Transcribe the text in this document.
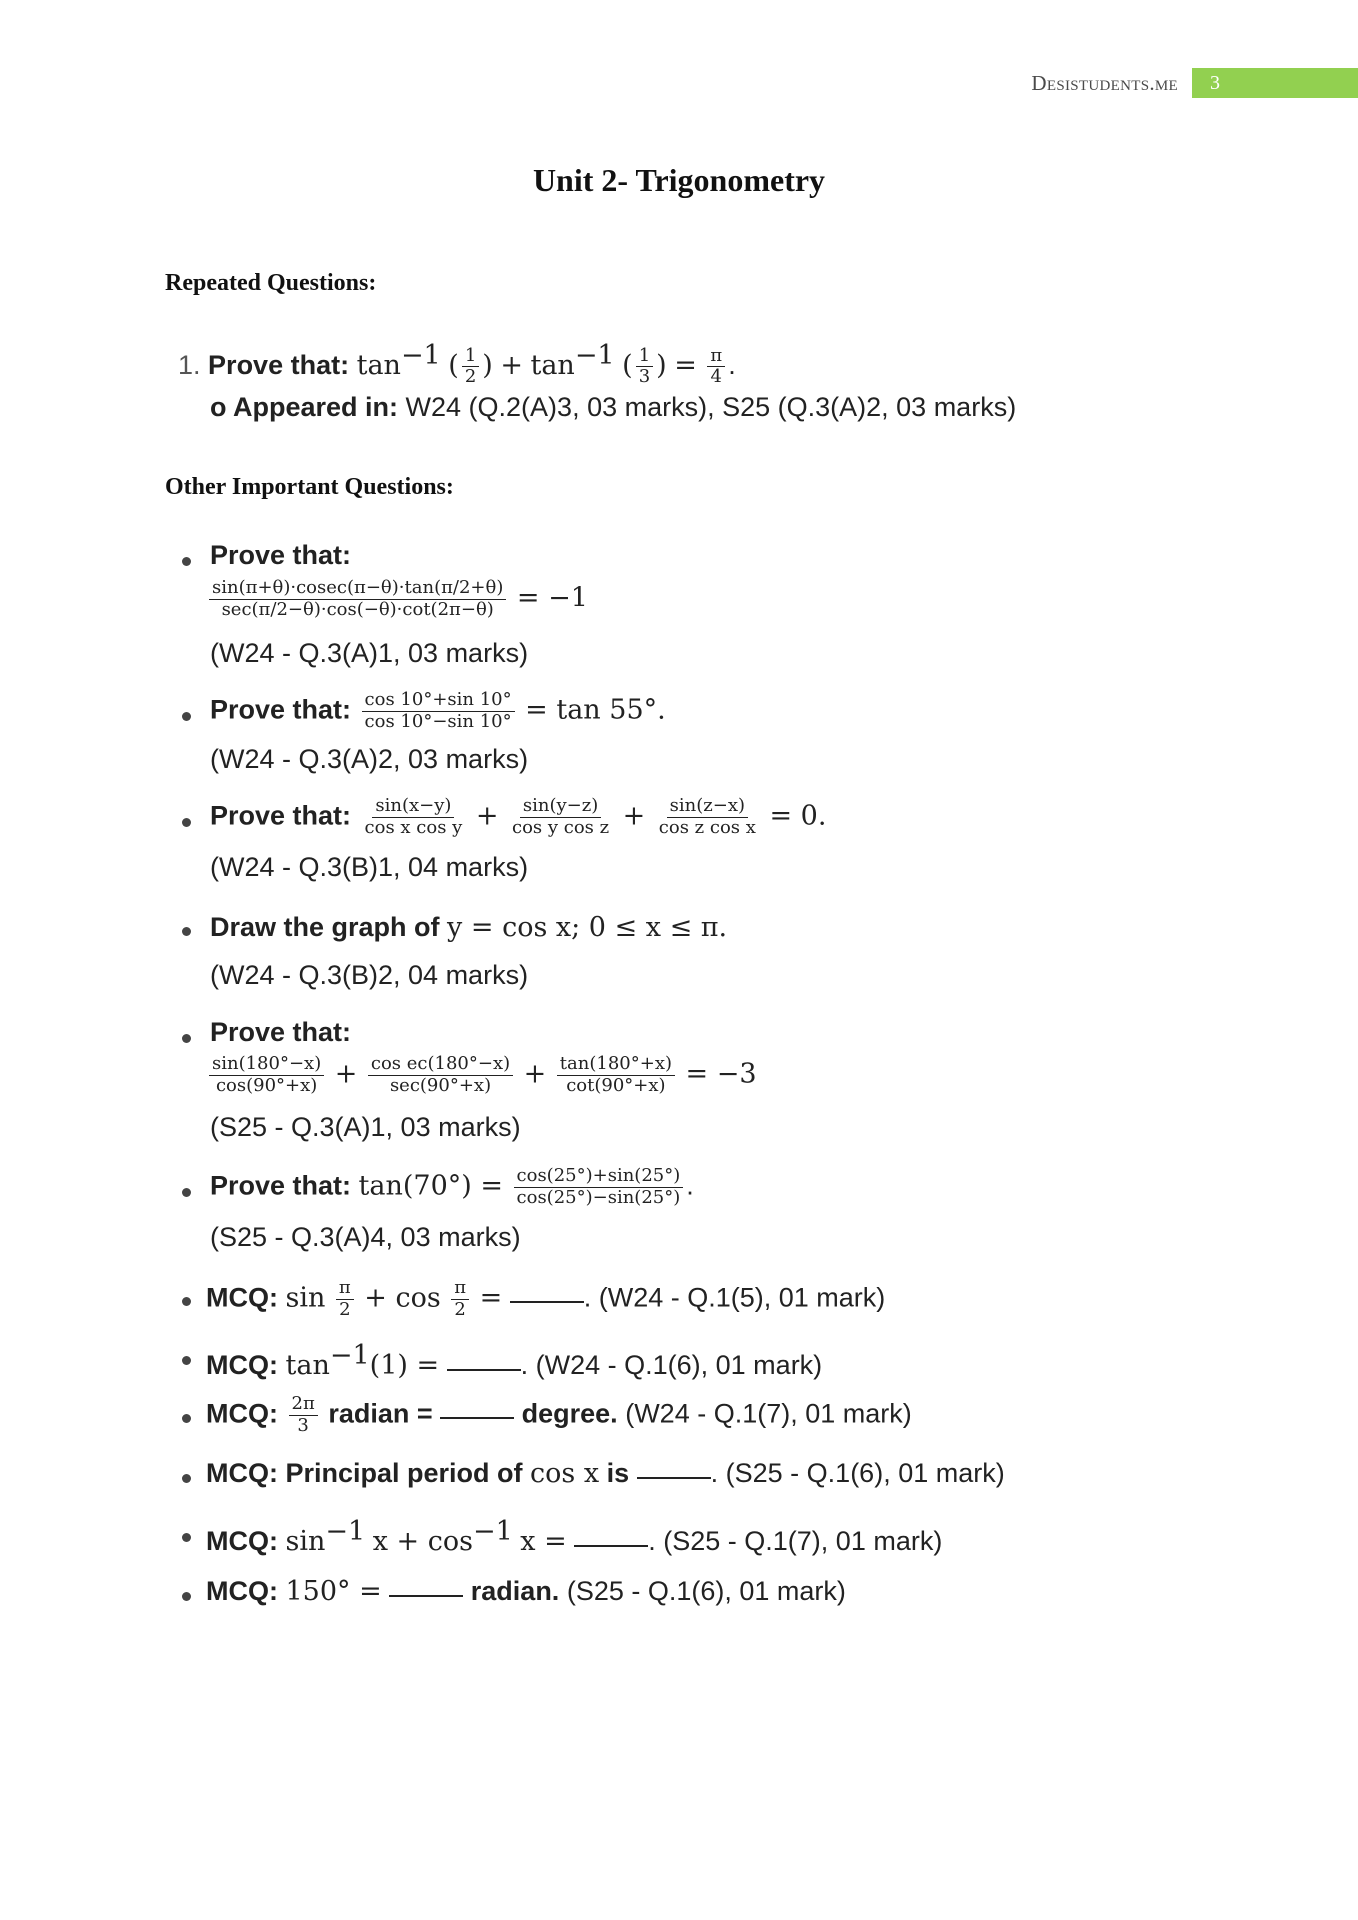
Desistudents.me	3
Unit 2- Trigonometry
Repeated Questions:
1. Prove that: $\tan^{-1}$ ( $\frac{1}{2}$ ) + $\tan^{-1}$ ( $\frac{1}{3}$ ) = $\frac{\pi}{4}$ .
o Appeared in: W24 (Q.2(A)3, 03 marks), S25 (Q.3(A)2, 03 marks)
Other Important Questions:
Prove that:
$\frac{\sin(\pi+\theta)\cdot cosec(\pi-\theta)\cdot\tan(\pi/2+\theta)}{\sec(\pi/2-\theta)\cdot\cos(-\theta)\cdot\cot(2\pi-\theta)} = -1$
(W24 - Q.3(A)1, 03 marks)
Prove that: $\frac{\cos 10^\circ+\sin 10^\circ}{\cos 10^\circ-\sin 10^\circ} = \tan 55^\circ$.
(W24 - Q.3(A)2, 03 marks)
Prove that: $\frac{\sin(x-y)}{\text{cos x cos y}} + \frac{\sin(y-z)}{\text{cos y cos z}} + \frac{\sin(z-x)}{\text{cos z cos x}} = 0$.
(W24 - Q.3(B)1, 04 marks)
Draw the graph of y = cos x; 0 ≤ x ≤ π.
(W24 - Q.3(B)2, 04 marks)
Prove that:
$\frac{\sin(180^\circ-x)}{\cos(90^\circ+x)} + \frac{\text{cos ec(180°−x)}}{\sec(90^\circ+x)} + \frac{\tan(180^\circ+x)}{\cot(90^\circ+x)} = -3$
(S25 - Q.3(A)1, 03 marks)
Prove that: $\tan(70^\circ) = \frac{\cos(25^\circ)+\sin(25^\circ)}{\cos(25^\circ)-\sin(25^\circ)}$ .
(S25 - Q.3(A)4, 03 marks)
MCQ: $\sin \frac{\pi}{2} + \cos \frac{\pi}{2}$ =	. (W24 - Q.1(5), 01 mark)
MCQ: $\tan^{-1}(1)$ =	. (W24 - Q.1(6), 01 mark)
MCQ: $\frac{2\pi}{3}$ radian =	degree. (W24 - Q.1(7), 01 mark)
MCQ: Principal period of cos x is	. (S25 - Q.1(6), 01 mark)
MCQ: $\sin^{-1} x + \cos^{-1} x$ =	. (S25 - Q.1(7), 01 mark)
MCQ: 150° =	radian. (S25 - Q.1(6), 01 mark)
